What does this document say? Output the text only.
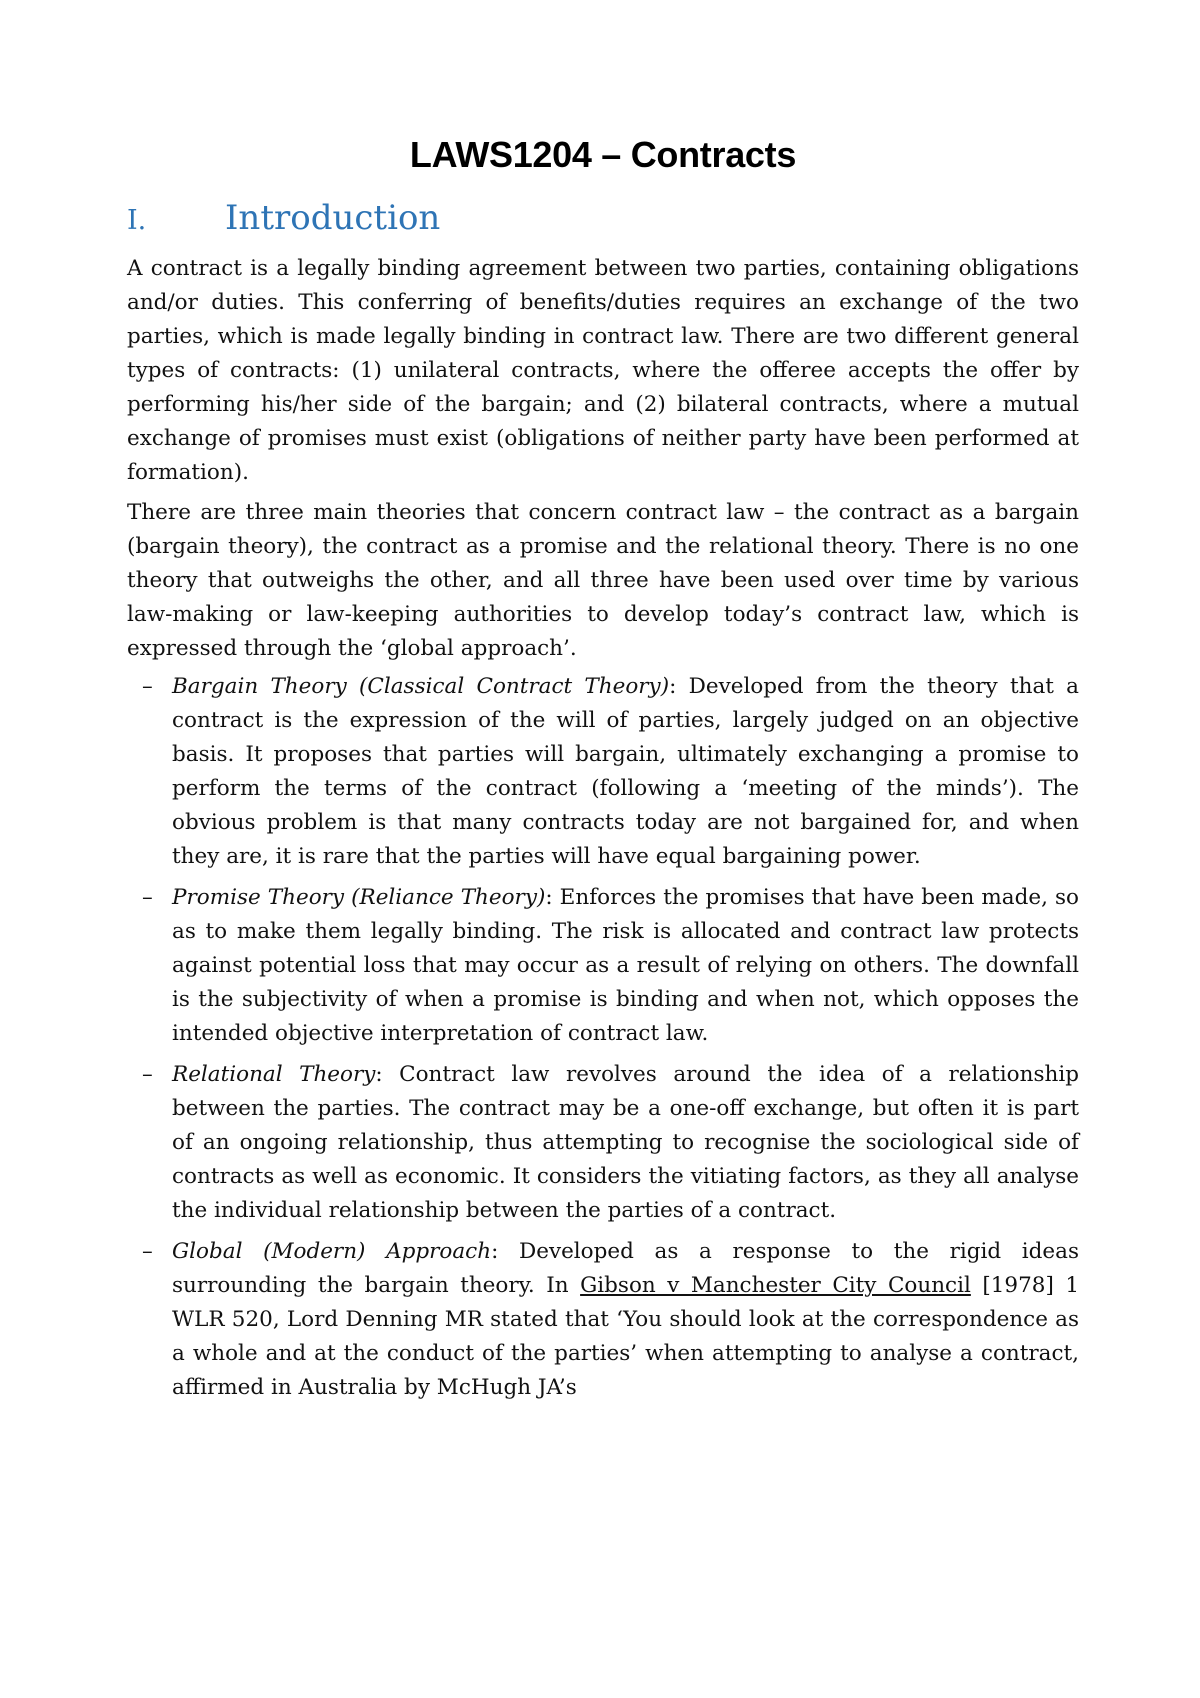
LAWS1204 – Contracts
I.	Introduction

A contract is a legally binding agreement between two parties, containing obligations and/or duties. This conferring of benefits/duties requires an exchange of the two parties, which is made legally binding in contract law. There are two different general types of contracts: (1) unilateral contracts, where the offeree accepts the offer by performing his/her side of the bargain; and (2) bilateral contracts, where a mutual exchange of promises must exist (obligations of neither party have been performed at formation).

There are three main theories that concern contract law – the contract as a bargain (bargain theory), the contract as a promise and the relational theory. There is no one theory that outweighs the other, and all three have been used over time by various law-making or law-keeping authorities to develop today’s contract law, which is expressed through the ‘global approach’.

– Bargain Theory (Classical Contract Theory): Developed from the theory that a contract is the expression of the will of parties, largely judged on an objective basis. It proposes that parties will bargain, ultimately exchanging a promise to perform the terms of the contract (following a ‘meeting of the minds’). The obvious problem is that many contracts today are not bargained for, and when they are, it is rare that the parties will have equal bargaining power.
– Promise Theory (Reliance Theory): Enforces the promises that have been made, so as to make them legally binding. The risk is allocated and contract law protects against potential loss that may occur as a result of relying on others. The downfall is the subjectivity of when a promise is binding and when not, which opposes the intended objective interpretation of contract law.
– Relational Theory: Contract law revolves around the idea of a relationship between the parties. The contract may be a one-off exchange, but often it is part of an ongoing relationship, thus attempting to recognise the sociological side of contracts as well as economic. It considers the vitiating factors, as they all analyse the individual relationship between the parties of a contract.
– Global (Modern) Approach: Developed as a response to the rigid ideas surrounding the bargain theory. In Gibson v Manchester City Council [1978] 1 WLR 520, Lord Denning MR stated that ‘You should look at the correspondence as a whole and at the conduct of the parties’ when attempting to analyse a contract, affirmed in Australia by McHugh JA’s
